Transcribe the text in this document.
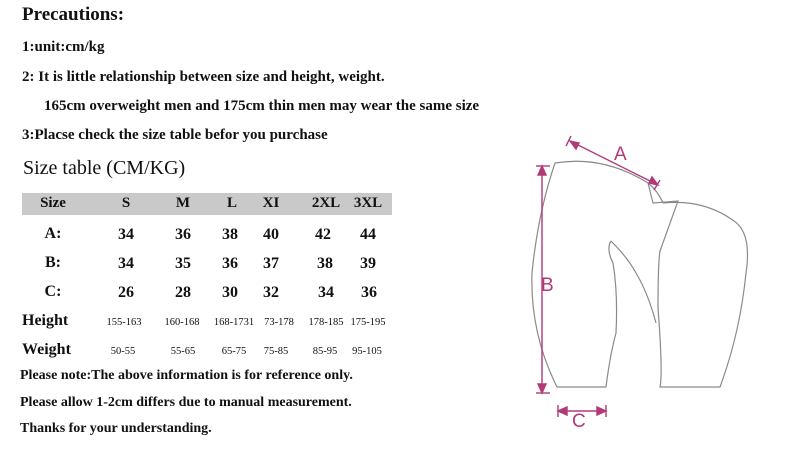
Precautions:
1:unit:cm/kg
2: It is little relationship between size and height, weight.
165cm overweight men and 175cm thin men may wear the same size
3:Placse check the size table befor you purchase
Size table (CM/KG)
Size	S	M L XI 2XL 3XL
A:	34	36 38 40 42 44
B:	34	35 36 37 38 39
C:	26	28 30 32 34 36
Height	155-163 160-168 168-1731 73-178 178-185 175-195
Weight	50-55	55-65	65-75 75-85 85-95 95-105
Please note:The above information is for reference only.
Please allow 1-2cm differs due to manual measurement.
Thanks for your understanding.
A
B
C
